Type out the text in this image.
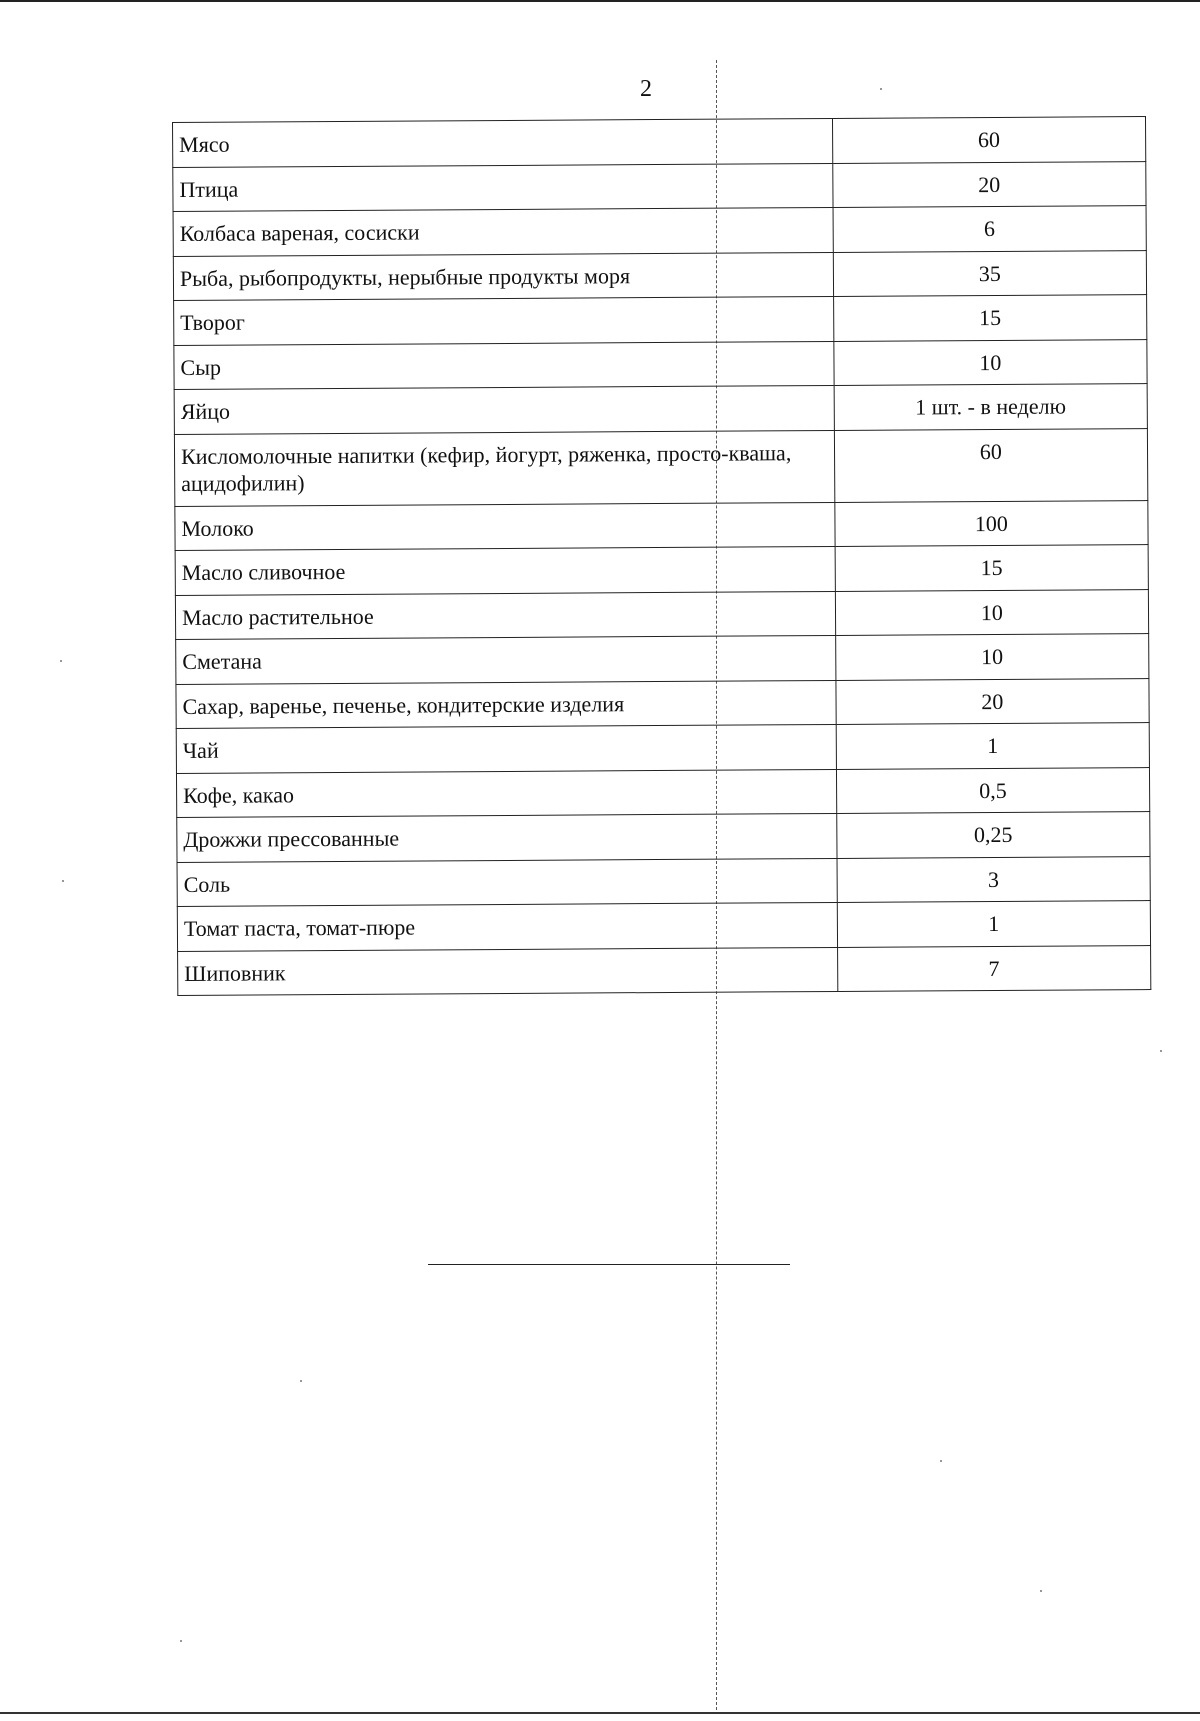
2
Мясо	60
Птица	20
Колбаса вареная, сосиски	6
Рыба, рыбопродукты, нерыбные продукты моря	35
Творог	15
Сыр	10
Яйцо	1 шт. - в неделю
Кисломолочные напитки (кефир, йогурт, ряженка, просто-кваша, ацидофилин)	60
Молоко	100
Масло сливочное	15
Масло растительное	10
Сметана	10
Сахар, варенье, печенье, кондитерские изделия	20
Чай	1
Кофе, какао	0,5
Дрожжи прессованные	0,25
Соль	3
Томат паста, томат-пюре	1
Шиповник	7
